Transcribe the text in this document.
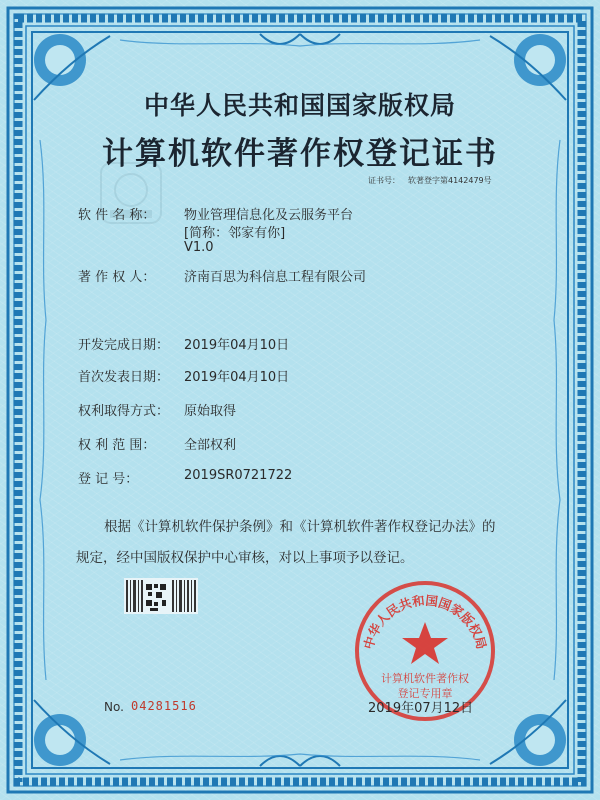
中华人民共和国国家版权局
计算机软件著作权登记证书
证书号： 软著登字第4142479号
软 件 名 称： 物业管理信息化及云服务平台
[简称：邻家有你]
V1.0
著 作 权 人： 济南百思为科信息工程有限公司
开发完成日期： 2019年04月10日
首次发表日期： 2019年04月10日
权利取得方式： 原始取得
权 利 范 围： 全部权利
登 记 号：	2019SR0721722
根据《计算机软件保护条例》和《计算机软件著作权登记办法》的
规定，经中国版权保护中心审核，对以上事项予以登记。
中华人民共和国国家版权局
计算机软件著作权
登记专用章
No. 04281516	2019年07月12日
